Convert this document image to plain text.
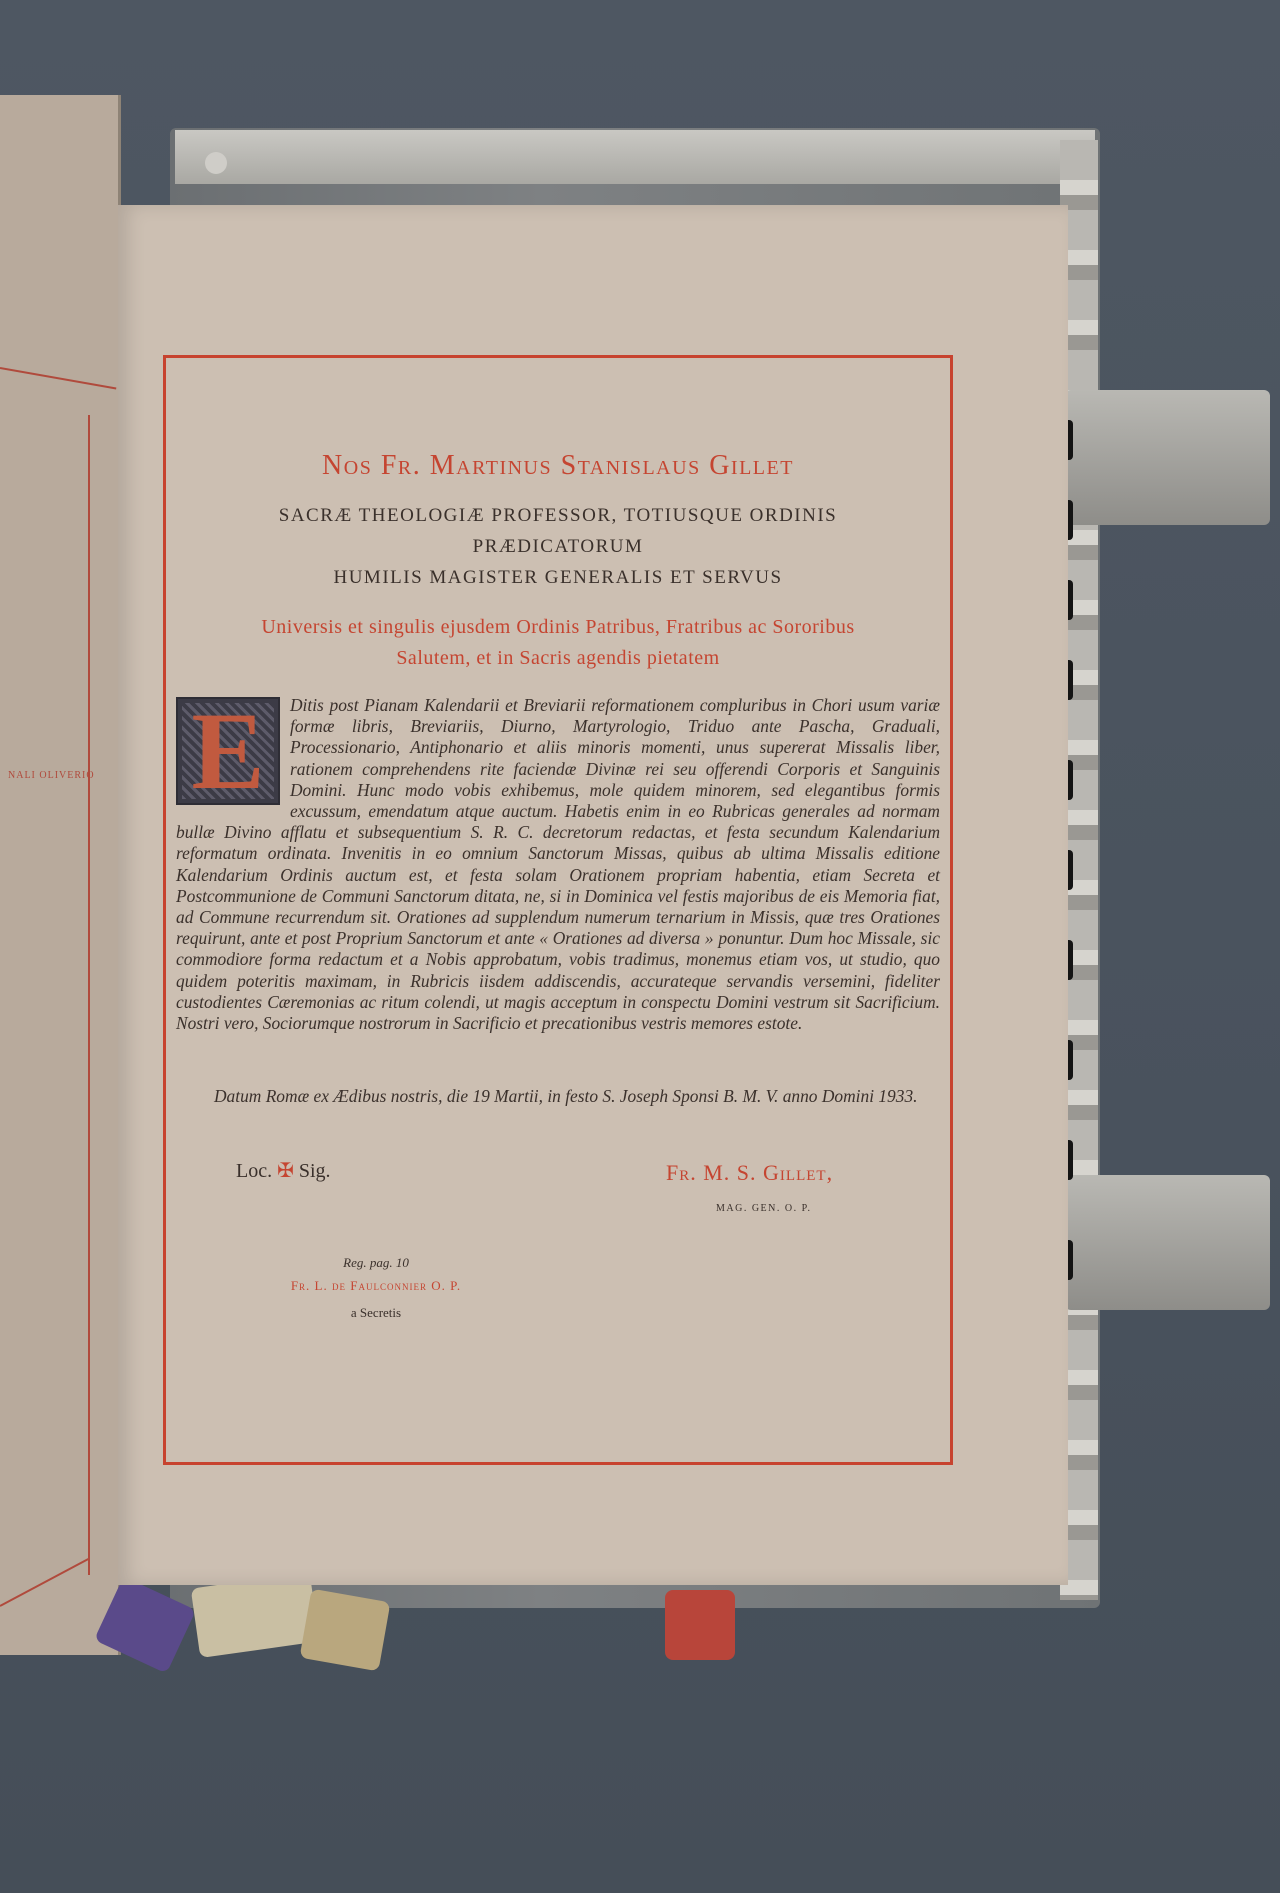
NALI OLIVERIO
Nos Fr. Martinus Stanislaus Gillet
SACRÆ THEOLOGIÆ PROFESSOR, TOTIUSQUE ORDINIS
PRÆDICATORUM
HUMILIS MAGISTER GENERALIS ET SERVUS
Universis et singulis ejusdem Ordinis Patribus, Fratribus ac Sororibus
Salutem, et in Sacris agendis pietatem
E	Ditis post Pianam Kalendarii et Breviarii reformationem compluribus in Chori usum variæ formæ libris, Breviariis, Diurno, Martyrologio, Triduo ante Pascha, Graduali, Processionario, Antiphonario et aliis minoris momenti, unus supererat Missalis liber, rationem comprehendens rite faciendæ Divinæ rei seu offerendi Corporis et Sanguinis Domini. Hunc modo vobis exhibemus, mole quidem minorem, sed elegantibus formis excussum, emendatum atque auctum. Habetis enim in eo Rubricas generales ad normam bullæ Divino afflatu et subsequentium S. R. C. decretorum redactas, et festa secundum Kalendarium reformatum ordinata. Invenitis in eo omnium Sanctorum Missas, quibus ab ultima Missalis editione Kalendarium Ordinis auctum est, et festa solam Orationem propriam habentia, etiam Secreta et Postcommunione de Communi Sanctorum ditata, ne, si in Dominica vel festis majoribus de eis Memoria fiat, ad Commune recurrendum sit. Orationes ad supplendum numerum ternarium in Missis, quæ tres Orationes requirunt, ante et post Proprium Sanctorum et ante « Orationes ad diversa » ponuntur. Dum hoc Missale, sic commodiore forma redactum et a Nobis approbatum, vobis tradimus, monemus etiam vos, ut studio, quo quidem poteritis maximam, in Rubricis iisdem addiscendis, accurateque servandis versemini, fideliter custodientes Cæremonias ac ritum colendi, ut magis acceptum in conspectu Domini vestrum sit Sacrificium. Nostri vero, Sociorumque nostrorum in Sacrificio et precationibus vestris memores estote.
Datum Romæ ex Ædibus nostris, die 19 Martii, in festo S. Joseph Sponsi B. M. V. anno Domini 1933.
Loc. ✠ Sig.	Fr. M. S. Gillet,
MAG. GEN. O. P.
Reg. pag. 10
Fr. L. de Faulconnier O. P.
a Secretis
